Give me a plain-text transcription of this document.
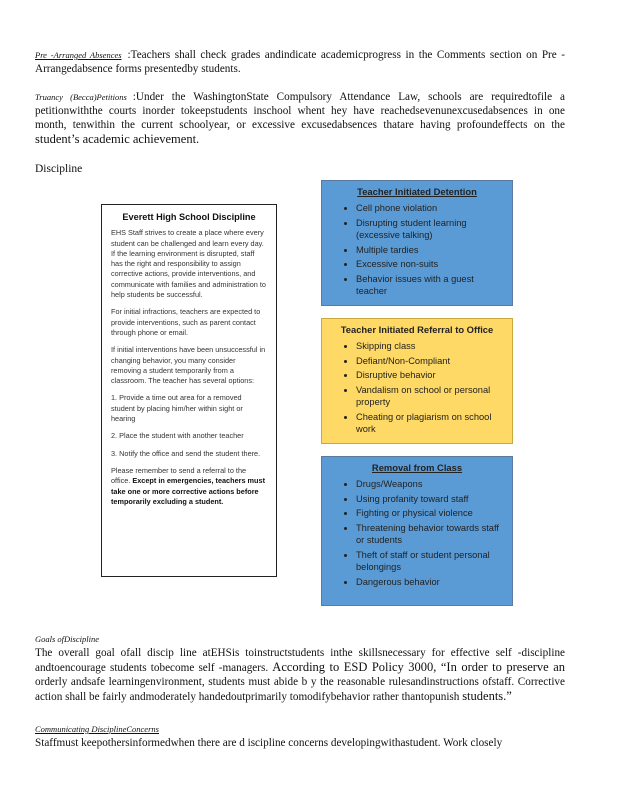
Pre -Arranged Absences :Teachers shall check grades andindicate academicprogress in the Comments section on Pre -Arrangedabsence forms presentedby students.
Truancy (Becca)Petitions :Under the WashingtonState Compulsory Attendance Law, schools are requiredtofile a petitionwiththe courts inorder tokeepstudents inschool whent hey have reachedsevenunexcusedabsences in one month, tenwithin the current schoolyear, or excessive excusedabsences thatare having profoundeffects on the student’s academic achievement.
Discipline
Everett High School Discipline

EHS Staff strives to create a place where every student can be challenged and learn every day. If the learning environment is disrupted, staff has the right and responsibility to assign corrective actions, provide interventions, and communicate with families and administration to help students be successful.

For initial infractions, teachers are expected to provide interventions, such as parent contact through phone or email.

If initial interventions have been unsuccessful in changing behavior, you many consider removing a student temporarily from a classroom. The teacher has several options:

1. Provide a time out area for a removed student by placing him/her within sight or hearing

2. Place the student with another teacher

3. Notify the office and send the student there.

Please remember to send a referral to the office. Except in emergencies, teachers must take one or more corrective actions before temporarily excluding a student.

Teacher Initiated Detention
• Cell phone violation
• Disrupting student learning (excessive talking)
• Multiple tardies
• Excessive non-suits
• Behavior issues with a guest teacher
Teacher Initiated Referral to Office
• Skipping class
• Defiant/Non-Compliant
• Disruptive behavior
• Vandalism on school or personal property
• Cheating or plagiarism on school work
Removal from Class
• Drugs/Weapons
• Using profanity toward staff
• Fighting or physical violence
• Threatening behavior towards staff or students
• Theft of staff or student personal belongings
• Dangerous behavior
Goals ofDiscipline
The overall goal ofall discip line atEHSis toinstructstudents inthe skillsnecessary for effective self -discipline andtoencourage students tobecome self -managers. According to ESD Policy 3000, “In order to preserve an orderly andsafe learningenvironment, students must abide b y the reasonable rulesandinstructions ofstaff. Corrective action shall be fairly andmoderately handedoutprimarily tomodifybehavior rather thantopunish students.”
Communicating DisciplineConcerns
Staffmust keepothersinformedwhen there are d iscipline concerns developingwithastudent. Work closely
